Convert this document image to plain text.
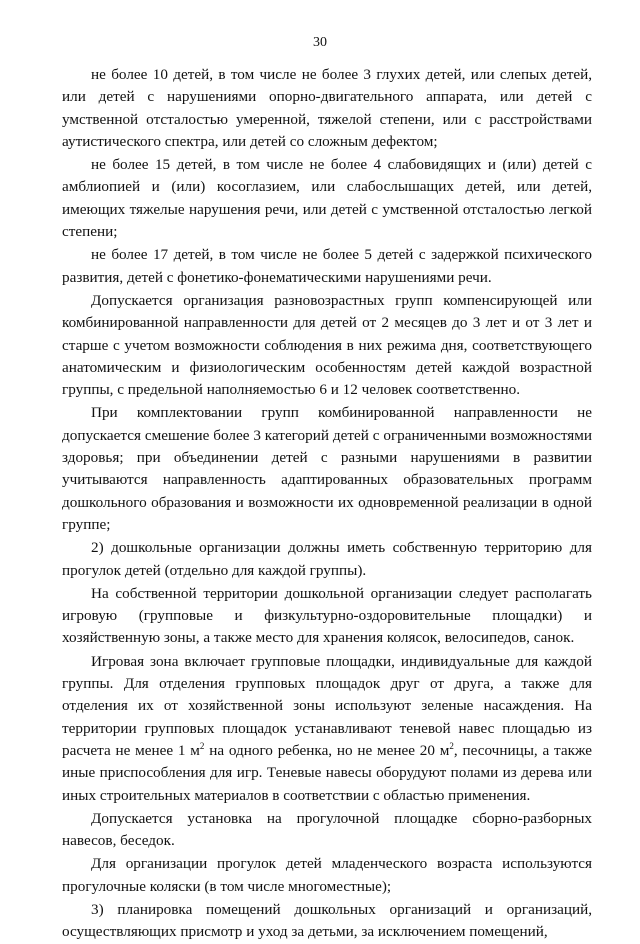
30

не более 10 детей, в том числе не более 3 глухих детей, или слепых детей, или детей с нарушениями опорно-двигательного аппарата, или детей с умственной отсталостью умеренной, тяжелой степени, или с расстройствами аутистического спектра, или детей со сложным дефектом;

не более 15 детей, в том числе не более 4 слабовидящих и (или) детей с амблиопией и (или) косоглазием, или слабослышащих детей, или детей, имеющих тяжелые нарушения речи, или детей с умственной отсталостью легкой степени;

не более 17 детей, в том числе не более 5 детей с задержкой психического развития, детей с фонетико-фонематическими нарушениями речи.

Допускается организация разновозрастных групп компенсирующей или комбинированной направленности для детей от 2 месяцев до 3 лет и от 3 лет и старше с учетом возможности соблюдения в них режима дня, соответствующего анатомическим и физиологическим особенностям детей каждой возрастной группы, с предельной наполняемостью 6 и 12 человек соответственно.

При комплектовании групп комбинированной направленности не допускается смешение более 3 категорий детей с ограниченными возможностями здоровья; при объединении детей с разными нарушениями в развитии учитываются направленность адаптированных образовательных программ дошкольного образования и возможности их одновременной реализации в одной группе;

2) дошкольные организации должны иметь собственную территорию для прогулок детей (отдельно для каждой группы).

На собственной территории дошкольной организации следует располагать игровую (групповые и физкультурно-оздоровительные площадки) и хозяйственную зоны, а также место для хранения колясок, велосипедов, санок.

Игровая зона включает групповые площадки, индивидуальные для каждой группы. Для отделения групповых площадок друг от друга, а также для отделения их от хозяйственной зоны используют зеленые насаждения. На территории групповых площадок устанавливают теневой навес площадью из расчета не менее 1 $м^2$ на одного ребенка, но не менее 20 $м^2$, песочницы, а также иные приспособления для игр. Теневые навесы оборудуют полами из дерева или иных строительных материалов в соответствии с областью применения.

Допускается установка на прогулочной площадке сборно-разборных навесов, беседок.

Для организации прогулок детей младенческого возраста используются прогулочные коляски (в том числе многоместные);

3) планировка помещений дошкольных организаций и организаций, осуществляющих присмотр и уход за детьми, за исключением помещений,
